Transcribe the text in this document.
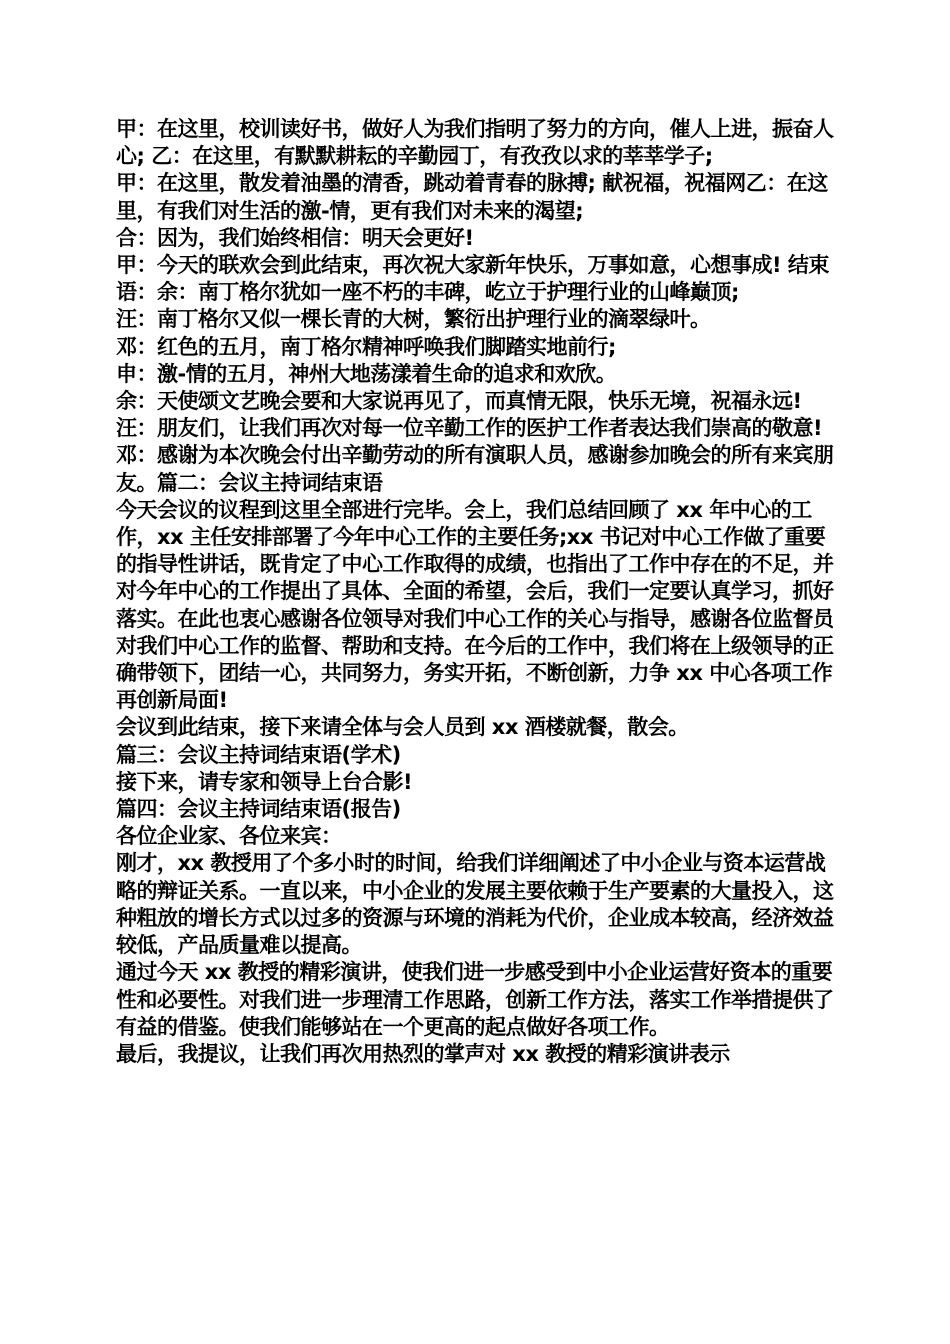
甲：在这里，校训读好书，做好人为我们指明了努力的方向，催人上进，振奋人心; 乙：在这里，有默默耕耘的辛勤园丁，有孜孜以求的莘莘学子;

甲：在这里，散发着油墨的清香，跳动着青春的脉搏; 献祝福，祝福网乙：在这里，有我们对生活的激-情，更有我们对未来的渴望;

合：因为，我们始终相信：明天会更好!

甲：今天的联欢会到此结束，再次祝大家新年快乐，万事如意，心想事成! 结束语：余：南丁格尔犹如一座不朽的丰碑，屹立于护理行业的山峰巅顶;

汪：南丁格尔又似一棵长青的大树，繁衍出护理行业的滴翠绿叶。

邓：红色的五月，南丁格尔精神呼唤我们脚踏实地前行;

申：激-情的五月，神州大地荡漾着生命的追求和欢欣。

余：天使颂文艺晚会要和大家说再见了，而真情无限，快乐无境，祝福永远!汪：朋友们，让我们再次对每一位辛勤工作的医护工作者表达我们崇高的敬意!

邓：感谢为本次晚会付出辛勤劳动的所有演职人员，感谢参加晚会的所有来宾朋友。篇二：会议主持词结束语

今天会议的议程到这里全部进行完毕。会上，我们总结回顾了 xx 年中心的工作，xx 主任安排部署了今年中心工作的主要任务;xx 书记对中心工作做了重要的指导性讲话，既肯定了中心工作取得的成绩，也指出了工作中存在的不足，并对今年中心的工作提出了具体、全面的希望，会后，我们一定要认真学习，抓好落实。在此也衷心感谢各位领导对我们中心工作的关心与指导，感谢各位监督员对我们中心工作的监督、帮助和支持。在今后的工作中，我们将在上级领导的正确带领下，团结一心，共同努力，务实开拓，不断创新，力争 xx 中心各项工作再创新局面!

会议到此结束，接下来请全体与会人员到 xx 酒楼就餐，散会。

篇三：会议主持词结束语(学术)

接下来，请专家和领导上台合影!

篇四：会议主持词结束语(报告)

各位企业家、各位来宾：

刚才，xx 教授用了个多小时的时间，给我们详细阐述了中小企业与资本运营战略的辩证关系。一直以来，中小企业的发展主要依赖于生产要素的大量投入，这种粗放的增长方式以过多的资源与环境的消耗为代价，企业成本较高，经济效益较低，产品质量难以提高。

通过今天 xx 教授的精彩演讲，使我们进一步感受到中小企业运营好资本的重要性和必要性。对我们进一步理清工作思路，创新工作方法，落实工作举措提供了有益的借鉴。使我们能够站在一个更高的起点做好各项工作。

最后，我提议，让我们再次用热烈的掌声对 xx 教授的精彩演讲表示
